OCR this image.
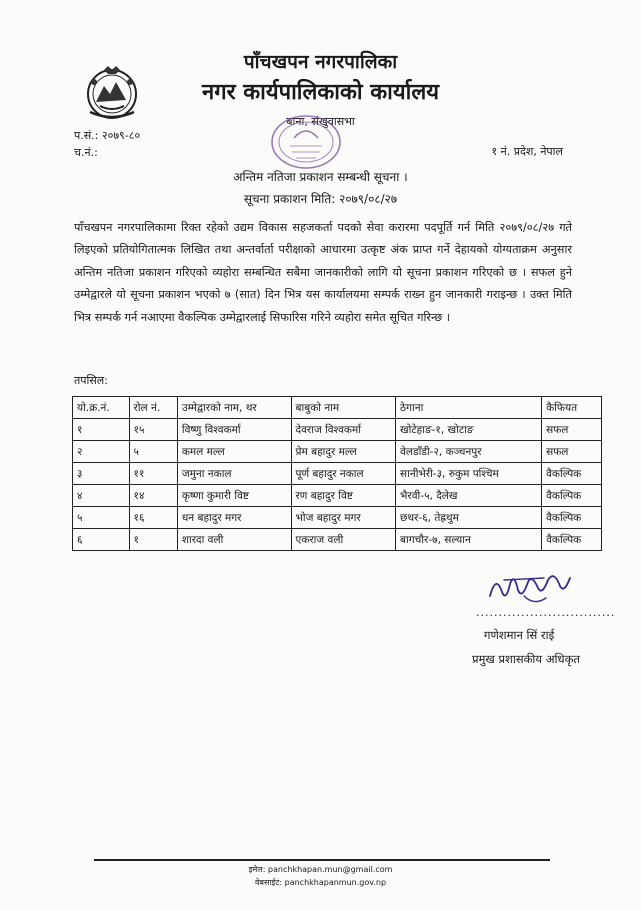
पाँचखपन नगरपालिका
नगर कार्यपालिकाको कार्यालय
बाना, संखुवासभा
प.सं.: २०७९-८०
च.नं.:	१ नं. प्रदेश, नेपाल
अन्तिम नतिजा प्रकाशन सम्बन्धी सूचना ।
सूचना प्रकाशन मिति: २०७९/०८/२७
पाँचखपन नगरपालिकामा रिक्त रहेको उद्यम विकास सहजकर्ता पदको सेवा करारमा पदपूर्ति गर्न मिति २०७९/०८/२७ गते लिइएको प्रतियोगितात्मक लिखित तथा अन्तर्वार्ता परीक्षाको आधारमा उत्कृष्ट अंक प्राप्त गर्ने देहायको योग्यताक्रम अनुसार अन्तिम नतिजा प्रकाशन गरिएको व्यहोरा सम्बन्धित सबैमा जानकारीको लागि यो सूचना प्रकाशन गरिएको छ । सफल हुने उम्मेद्वारले यो सूचना प्रकाशन भएको ७ (सात) दिन भित्र यस कार्यालयमा सम्पर्क राख्न हुन जानकारी गराइन्छ । उक्त मिति भित्र सम्पर्क गर्न नआएमा वैकल्पिक उम्मेद्वारलाई सिफारिस गरिने व्यहोरा समेत सूचित गरिन्छ ।
तपसिल:
यो.क्र.नं.	रोल नं.	उम्मेद्वारको नाम, थर	बाबुको नाम	ठेगाना	कैफियत
१	१५	विष्णु विश्वकर्मा	देवराज विश्वकर्मा	खोटेहाङ-१, खोटाङ	सफल
२	५	कमल मल्ल	प्रेम बहादुर मल्ल	वेलडाँडी-२, कञ्चनपुर	सफल
३	११	जमुना नकाल	पूर्ण बहादुर नकाल	सानीभेरी-३, रुकुम पश्चिम	वैकल्पिक
४	१४	कृष्णा कुमारी विष्ट	रण बहादुर विष्ट	भैरवी-५, दैलेख	वैकल्पिक
५	१६	धन बहादुर मगर	भोज बहादुर मगर	छथर-६, तेह्रथुम	वैकल्पिक
६	१	शारदा वली	एकराज वली	बागचौर-७, सल्यान	वैकल्पिक
...............................
गणेशमान सिं राई
प्रमुख प्रशासकीय अधिकृत
इमेल: panchkhapan.mun@gmail.com
वेबसाईट: panchkhapanmun.gov.np
